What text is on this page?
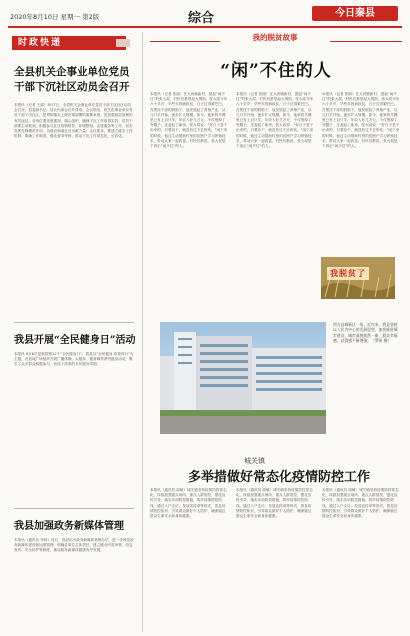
2020年8月10日 星期一 第2版	综合	今日秦县
时政快递
全县机关企事业单位党员
干部下沉社区动员会召开
本报讯（记者 王丽）8月7日，全县机关企事业单位党员干部下沉社区动员会召开。县委副书记、县长出席会议并讲话。会议指出，机关企事业单位党员干部下沉社区，是贯彻落实上级决策部署的重要举措，是加强基层治理的有效途径。各单位要高度重视，精心组织，确保下沉工作取得实效。党员干部要主动报到，积极参与社区疫情防控、环境整治、志愿服务等工作，切实发挥先锋模范作用，为建设和谐社区贡献力量。会议要求，要建立健全工作机制，明确工作职责，强化督导考核，推动下沉工作常态化、长效化。
我县开展“全民健身日”活动
本报讯 8月8日是我国第12个“全民健身日”。我县以“全民健身 你我同行”为主题，在县城广场组织开展广播体操、太极拳、健身舞等系列健身活动，吸引了众多群众积极参与，营造了浓厚的全民健身氛围。
我县加强政务新媒体管理
本报讯（通讯员 李婷）近日，我县出台政务新媒体管理办法，进一步规范政务新媒体建设和运维管理，明确各单位主体责任，建立健全内容审核、信息发布、安全防护等制度，推动政务新媒体健康有序发展。
我的脱贫故事
“闲”不住的人
本报讯（记者 张丽）在大河镇新村，提起“闲不住”的张大叔，村民们都竖起大拇指。张大叔今年六十多岁，早些年因病致贫，日子过得紧巴巴。在帮扶干部的鼓励下，他发展起了养殖产业，从几只羊开始，逐步扩大规模。如今，他家的羊圈里已有上百只羊，年收入好几万元，不仅甩掉了穷帽子，还盖起了新房。张大叔说：“好日子是干出来的，只要肯干，就没有过不去的坎。”闲下来的时候，他还主动帮助村里的贫困户学习养殖技术，带动大家一起致富。村民们都说，张大叔是个真正“闲不住”的人。
本报讯（记者 张丽）在大河镇新村，提起“闲不住”的张大叔，村民们都竖起大拇指。张大叔今年六十多岁，早些年因病致贫，日子过得紧巴巴。在帮扶干部的鼓励下，他发展起了养殖产业，从几只羊开始，逐步扩大规模。如今，他家的羊圈里已有上百只羊，年收入好几万元，不仅甩掉了穷帽子，还盖起了新房。张大叔说：“好日子是干出来的，只要肯干，就没有过不去的坎。”闲下来的时候，他还主动帮助村里的贫困户学习养殖技术，带动大家一起致富。村民们都说，张大叔是个真正“闲不住”的人。
本报讯（记者 张丽）在大河镇新村，提起“闲不住”的张大叔，村民们都竖起大拇指。张大叔今年六十多岁，早些年因病致贫，日子过得紧巴巴。在帮扶干部的鼓励下，他发展起了养殖产业，从几只羊开始，逐步扩大规模。如今，他家的羊圈里已有上百只羊，年收入好几万元，不仅甩掉了穷帽子，还盖起了新房。张大叔说：“好日子是干出来的，只要肯干，就没有过不去的坎。”闲下来的时候，他还主动帮助村里的贫困户学习养殖技术，带动大家一起致富。村民们都说，张大叔是个真正“闲不住”的人。
我脱贫了
图为县城新区一角。近年来，我县坚持以人民为中心的发展思想，加快推进城市建设，城市面貌焕然一新，群众幸福感、获得感不断增强。（罗伟 摄）
城关镇
多举措做好常态化疫情防控工作
本报讯（通讯员 周敏）城关镇坚持疫情防控常态化，持续加强重点场所、重点人群管控，强化宣传引导，落实各项防控措施，筑牢疫情防控防线。通过入户走访、发放宣传单等形式，普及疫情防控知识，引导群众做好个人防护，确保辖区群众生命安全和身体健康。
本报讯（通讯员 周敏）城关镇坚持疫情防控常态化，持续加强重点场所、重点人群管控，强化宣传引导，落实各项防控措施，筑牢疫情防控防线。通过入户走访、发放宣传单等形式，普及疫情防控知识，引导群众做好个人防护，确保辖区群众生命安全和身体健康。
本报讯（通讯员 周敏）城关镇坚持疫情防控常态化，持续加强重点场所、重点人群管控，强化宣传引导，落实各项防控措施，筑牢疫情防控防线。通过入户走访、发放宣传单等形式，普及疫情防控知识，引导群众做好个人防护，确保辖区群众生命安全和身体健康。
